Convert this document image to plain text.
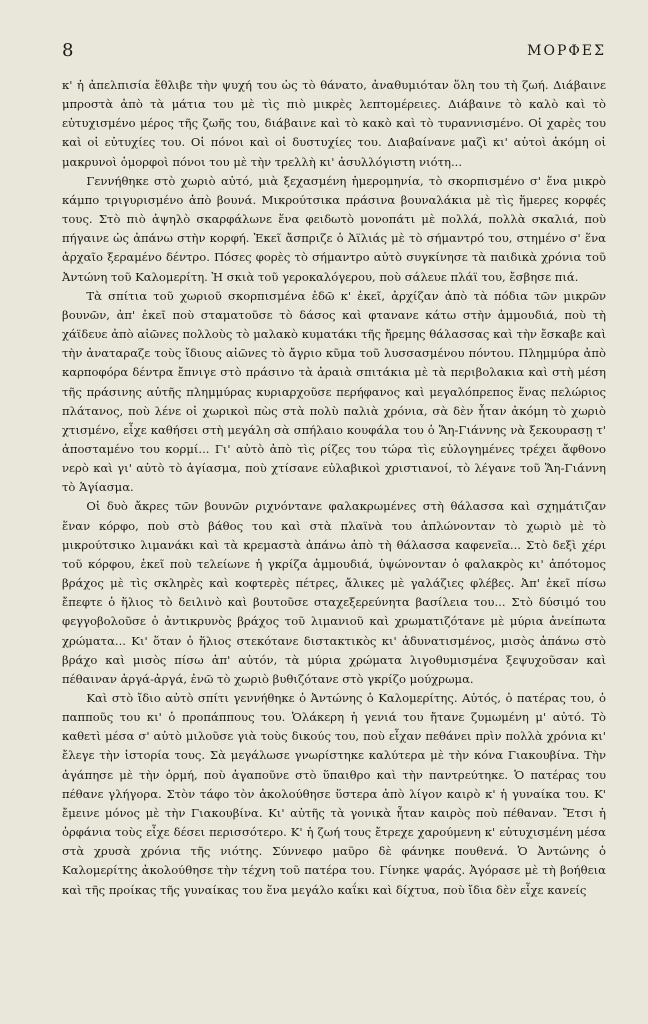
8	ΜΟΡΦΕΣ

κ' ἡ ἀπελπισία ἔθλιβε τὴν ψυχή του ὡς τὸ θάνατο, ἀναθυμιόταν ὅλη του τὴ ζωή. Διάβαινε μπροστὰ ἀπὸ τὰ μάτια του μὲ τὶς πιὸ μικρὲς λεπτομέρειες. Διάβαινε τὸ καλὸ καὶ τὸ εὐτυχισμένο μέρος τῆς ζωῆς του, διάβαινε καὶ τὸ κακὸ καὶ τὸ τυραννισμένο. Οἱ χαρὲς του καὶ οἱ εὐτυχίες του. Οἱ πόνοι καὶ οἱ δυστυχίες του. Διαβαίνανε μαζὶ κι' αὐτοὶ ἀκόμη οἱ μακρυνοὶ ὁμορφοὶ πόνοι του μὲ τὴν τρελλὴ κι' ἀσυλλόγιστη νιότη...

Γεννήθηκε στὸ χωριὸ αὐτό, μιὰ ξεχασμένη ἡμερομηνία, τὸ σκορπισμένο σ' ἕνα μικρὸ κάμπο τριγυρισμένο ἀπὸ βουνά. Μικρούτσικα πράσινα βουναλάκια μὲ τὶς ἥμερες κορφές τους. Στὸ πιὸ ἀψηλὸ σκαρφάλωνε ἕνα φειδωτὸ μονοπάτι μὲ πολλά, πολλὰ σκαλιά, ποὺ πήγαινε ὡς ἀπάνω στὴν κορφή. Ἐκεῖ ἄσπριζε ὁ Ἀϊλιάς μὲ τὸ σήμαντρό του, στημένο σ' ἕνα ἀρχαῖο ξεραμένο δέντρο. Πόσες φορὲς τὸ σήμαντρο αὐτὸ συγκίνησε τὰ παιδικὰ χρόνια τοῦ Ἀντώνη τοῦ Καλομερίτη. Ἡ σκιὰ τοῦ γεροκαλόγερου, ποὺ σάλευε πλάϊ του, ἔσβησε πιά.

Τὰ σπίτια τοῦ χωριοῦ σκορπισμένα ἐδῶ κ' ἐκεῖ, ἀρχίζαν ἀπὸ τὰ πόδια τῶν μικρῶν βουνῶν, ἀπ' ἐκεῖ ποὺ σταματοῦσε τὸ δάσος καὶ φτανανε κάτω στὴν ἀμμουδιά, ποὺ τὴ χάϊδευε ἀπὸ αἰῶνες πολλοὺς τὸ μαλακὸ κυματάκι τῆς ἤρεμης θάλασσας καὶ τὴν ἔσκαβε καὶ τὴν ἀναταραζε τοὺς ἴδιους αἰῶνες τὸ ἄγριο κῦμα τοῦ λυσσασμένου πόντου. Πλημμύρα ἀπὸ καρποφόρα δέντρα ἔπνιγε στὸ πράσινο τὰ ἀραιὰ σπιτάκια μὲ τὰ περιβολακια καὶ στὴ μέση τῆς πράσινης αὐτῆς πλημμύρας κυριαρχοῦσε περήφανος καὶ μεγαλόπρεπος ἕνας πελώριος πλάτανος, ποὺ λένε οἱ χωρικοὶ πὼς στὰ πολὺ παλιὰ χρόνια, σὰ δὲν ἦταν ἀκόμη τὸ χωριὸ χτισμένο, εἶχε καθήσει στὴ μεγάλη σὰ σπήλαιο κουφάλα του ὁ Ἅη-Γιάννης νὰ ξεκουρασῃ τ' ἀποσταμένο του κορμί... Γι' αὐτὸ ἀπὸ τὶς ρίζες του τώρα τὶς εὐλογημένες τρέχει ἄφθονο νερὸ καὶ γι' αὐτὸ τὸ ἁγίασμα, ποὺ χτίσανε εὐλαβικοὶ χριστιανοί, τὸ λέγανε τοῦ Ἅη-Γιάννη τὸ Ἁγίασμα.

Οἱ δυὸ ἄκρες τῶν βουνῶν ριχνόντανε φαλακρωμένες στὴ θάλασσα καὶ σχημάτιζαν ἕναν κόρφο, ποὺ στὸ βάθος του καὶ στὰ πλαϊνὰ του ἁπλώνονταν τὸ χωριὸ μὲ τὸ μικρούτσικο λιμανάκι καὶ τὰ κρεμαστὰ ἀπάνω ἀπὸ τὴ θάλασσα καφενεῖα... Στὸ δεξὶ χέρι τοῦ κόρφου, ἐκεῖ ποὺ τελείωνε ἡ γκρίζα ἀμμουδιά, ὑψώνονταν ὁ φαλακρὸς κι' ἀπότομος βράχος μὲ τὶς σκληρὲς καὶ κοφτερὲς πέτρες, ἄλικες μὲ γαλάζιες φλέβες. Ἀπ' ἐκεῖ πίσω ἔπεφτε ὁ ἥλιος τὸ δειλινὸ καὶ βουτοῦσε σταχεξερεύνητα βασίλεια του... Στὸ δύσιμό του φεγγοβολοῦσε ὁ ἀντικρυνὸς βράχος τοῦ λιμανιοῦ καὶ χρωματιζότανε μὲ μύρια ἀνείπωτα χρώματα... Κι' ὅταν ὁ ἥλιος στεκότανε διστακτικὸς κι' ἀδυνατισμένος, μισὸς ἀπάνω στὸ βράχο καὶ μισὸς πίσω ἀπ' αὐτόν, τὰ μύρια χρώματα λιγοθυμισμένα ξεψυχοῦσαν καὶ πέθαιναν ἀργά-ἀργά, ἐνῶ τὸ χωριὸ βυθιζότανε στὸ γκρίζο μούχρωμα.

Καὶ στὸ ἴδιο αὐτὸ σπίτι γεννήθηκε ὁ Ἀντώνης ὁ Καλομερίτης. Αὐτός, ὁ πατέρας του, ὁ παπποῦς του κι' ὁ προπάππους του. Ὁλάκερη ἡ γενιά του ἤτανε ζυμωμένη μ' αὐτό. Τὸ καθετὶ μέσα σ' αὐτὸ μιλοῦσε γιὰ τοὺς δικούς του, ποὺ εἶχαν πεθάνει πρὶν πολλὰ χρόνια κι' ἔλεγε τὴν ἱστορία τους. Σὰ μεγάλωσε γνωρίστηκε καλύτερα μὲ τὴν κόνα Γιακουβίνα. Τὴν ἀγάπησε μὲ τὴν ὁρμή, ποὺ ἀγαποῦνε στὸ ὕπαιθρο καὶ τὴν παντρεύτηκε. Ὁ πατέρας του πέθανε γλήγορα. Στὸν τάφο τὸν ἀκολούθησε ὕστερα ἀπὸ λίγον καιρὸ κ' ἡ γυναίκα του. Κ' ἔμεινε μόνος μὲ τὴν Γιακουβίνα. Κι' αὐτῆς τὰ γονικὰ ἦταν καιρὸς ποὺ πέθαναν. Ἔτσι ἡ ὀρφάνια τοὺς εἶχε δέσει περισσότερο. Κ' ἡ ζωή τους ἔτρεχε χαρούμενη κ' εὐτυχισμένη μέσα στὰ χρυσὰ χρόνια τῆς νιότης. Σύννεφο μαῦρο δὲ φάνηκε πουθενά. Ὁ Ἀντώνης ὁ Καλομερίτης ἀκολούθησε τὴν τέχνη τοῦ πατέρα του. Γίνηκε ψαράς. Ἀγόρασε μὲ τὴ βοήθεια καὶ τῆς προίκας τῆς γυναίκας του ἕνα μεγάλο καΐκι καὶ δίχτυα, ποὺ ἴδια δὲν εἶχε κανείς
